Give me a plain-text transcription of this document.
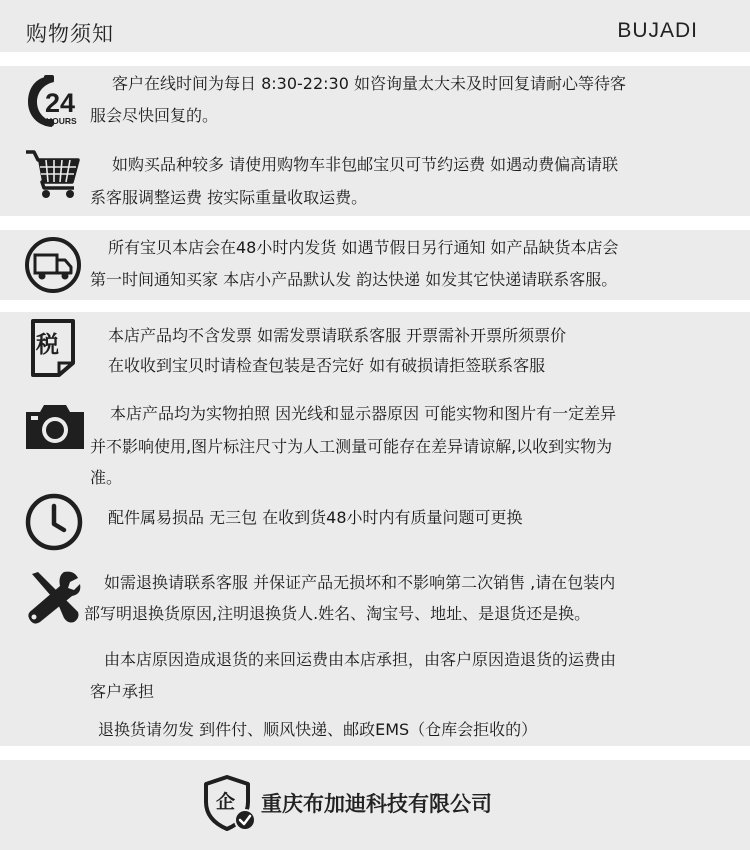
购物须知	BUJADI
24
HOURS
客户在线时间为每日 8:30-22:30 如咨询量太大未及时回复请耐心等待客
服会尽快回复的。
如购买品种较多 请使用购物车非包邮宝贝可节约运费 如遇动费偏高请联
系客服调整运费 按实际重量收取运费。
所有宝贝本店会在48小时内发货 如遇节假日另行通知 如产品缺货本店会
第一时间通知买家 本店小产品默认发 韵达快递 如发其它快递请联系客服。
税	本店产品均不含发票 如需发票请联系客服 开票需补开票所须票价
在收收到宝贝时请检查包装是否完好 如有破损请拒签联系客服
本店产品均为实物拍照 因光线和显示器原因 可能实物和图片有一定差异
并不影响使用,图片标注尺寸为人工测量可能存在差异请谅解,以收到实物为
准。
配件属易损品 无三包 在收到货48小时内有质量问题可更换
如需退换请联系客服 并保证产品无损坏和不影响第二次销售 ,请在包装内
部写明退换货原因,注明退换货人.姓名、淘宝号、地址、是退货还是换。
由本店原因造成退货的来回运费由本店承担，由客户原因造退货的运费由
客户承担
退换货请勿发 到件付、顺风快递、邮政EMS（仓库会拒收的）
企 重庆布加迪科技有限公司
